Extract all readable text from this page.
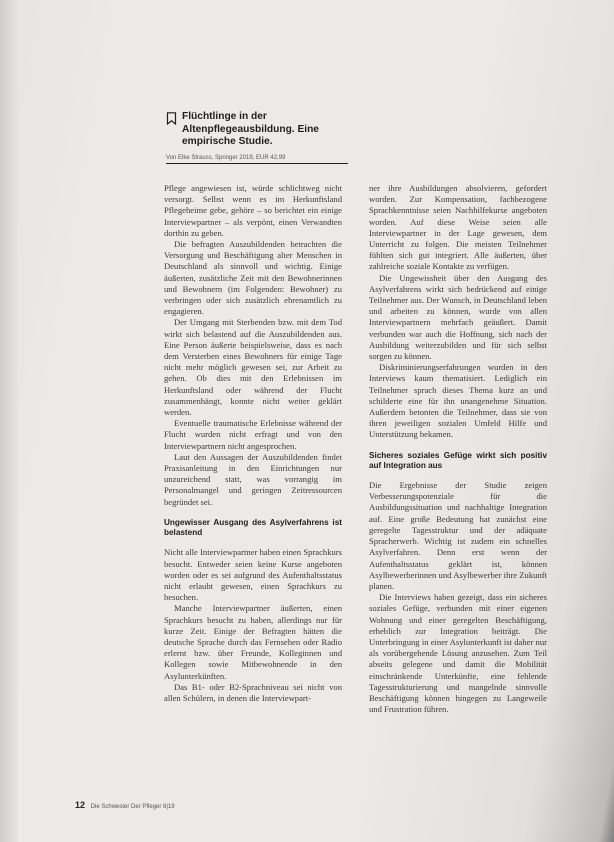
Flüchtlinge in der Altenpflegeausbildung. Eine empirische Studie.
Von Elke Strauss, Springer 2019, EUR 42,99

Pflege angewiesen ist, würde schlichtweg nicht versorgt. Selbst wenn es im Herkunftsland Pflegeheime gebe, gehöre – so berichtet ein einige Interviewpartner – als verpönt, einen Verwandten dorthin zu geben.

Die befragten Auszubildenden betrachten die Versorgung und Beschäftigung alter Menschen in Deutschland als sinnvoll und wichtig. Einige äußerten, zusätzliche Zeit mit den Bewohnerinnen und Bewohnern (im Folgenden: Bewohner) zu verbringen oder sich zusätzlich ehrenamtlich zu engagieren.

Der Umgang mit Sterbenden bzw. mit dem Tod wirkt sich belastend auf die Auszubildenden aus. Eine Person äußerte beispielsweise, dass es nach dem Versterben eines Bewohners für einige Tage nicht mehr möglich gewesen sei, zur Arbeit zu gehen. Ob dies mit den Erlebnissen im Herkunftsland oder während der Flucht zusammenhängt, konnte nicht weiter geklärt werden.

Eventuelle traumatische Erlebnisse während der Flucht wurden nicht erfragt und von den Interviewpartnern nicht angesprochen.

Laut den Aussagen der Auszubildenden findet Praxisanleitung in den Einrichtungen nur unzureichend statt, was vorrangig im Personalmangel und geringen Zeitressourcen begründet sei.

Ungewisser Ausgang des Asylverfahrens ist belastend

Nicht alle Interviewpartner haben einen Sprachkurs besucht. Entweder seien keine Kurse angeboten worden oder es sei aufgrund des Aufenthaltsstatus nicht erlaubt gewesen, einen Sprachkurs zu besuchen.

Manche Interviewpartner äußerten, einen Sprachkurs besucht zu haben, allerdings nur für kurze Zeit. Einige der Befragten hätten die deutsche Sprache durch das Fernsehen oder Radio erlernt bzw. über Freunde, Kolleginnen und Kollegen sowie Mitbewohnende in den Asylunterkünften.

Das B1- oder B2-Sprachniveau sei nicht von allen Schülern, in denen die Interviewpart-

ner ihre Ausbildungen absolvieren, gefordert worden. Zur Kompensation, fachbezogene Sprachkenntnisse seien Nachhilfekurse angeboten worden. Auf diese Weise seien alle Interviewpartner in der Lage gewesen, dem Unterricht zu folgen. Die meisten Teilnehmer fühlten sich gut integriert. Alle äußerten, über zahlreiche soziale Kontakte zu verfügen.

Die Ungewissheit über den Ausgang des Asylverfahrens wirkt sich bedrückend auf einige Teilnehmer aus. Der Wunsch, in Deutschland leben und arbeiten zu können, wurde von allen Interviewpartnern mehrfach geäußert. Damit verbunden war auch die Hoffnung, sich nach der Ausbildung weiterzubilden und für sich selbst sorgen zu können.

Diskriminierungserfahrungen wurden in den Interviews kaum thematisiert. Lediglich ein Teilnehmer sprach dieses Thema kurz an und schilderte eine für ihn unangenehme Situation. Außerdem betonten die Teilnehmer, dass sie von ihren jeweiligen sozialen Umfeld Hilfe und Unterstützung bekamen.

Sicheres soziales Gefüge wirkt sich positiv auf Integration aus

Die Ergebnisse der Studie zeigen Verbesserungspotenziale für die Ausbildungssituation und nachhaltige Integration auf. Eine große Bedeutung hat zunächst eine geregelte Tagesstruktur und der adäquate Spracherwerb. Wichtig ist zudem ein schnelles Asylverfahren. Denn erst wenn der Aufenthaltsstatus geklärt ist, können Asylbewerberinnen und Asylbewerber ihre Zukunft planen.

Die Interviews haben gezeigt, dass ein sicheres soziales Gefüge, verbunden mit einer eigenen Wohnung und einer geregelten Beschäftigung, erheblich zur Integration beiträgt. Die Unterbringung in einer Asylunterkunft ist daher nur als vorübergehende Lösung anzusehen. Zum Teil abseits gelegene und damit die Mobilität einschränkende Unterkünfte, eine fehlende Tagesstrukturierung und mangelnde sinnvolle Beschäftigung können hingegen zu Langeweile und Frustration führen.

12 Die Schwester Der Pfleger 8|19
